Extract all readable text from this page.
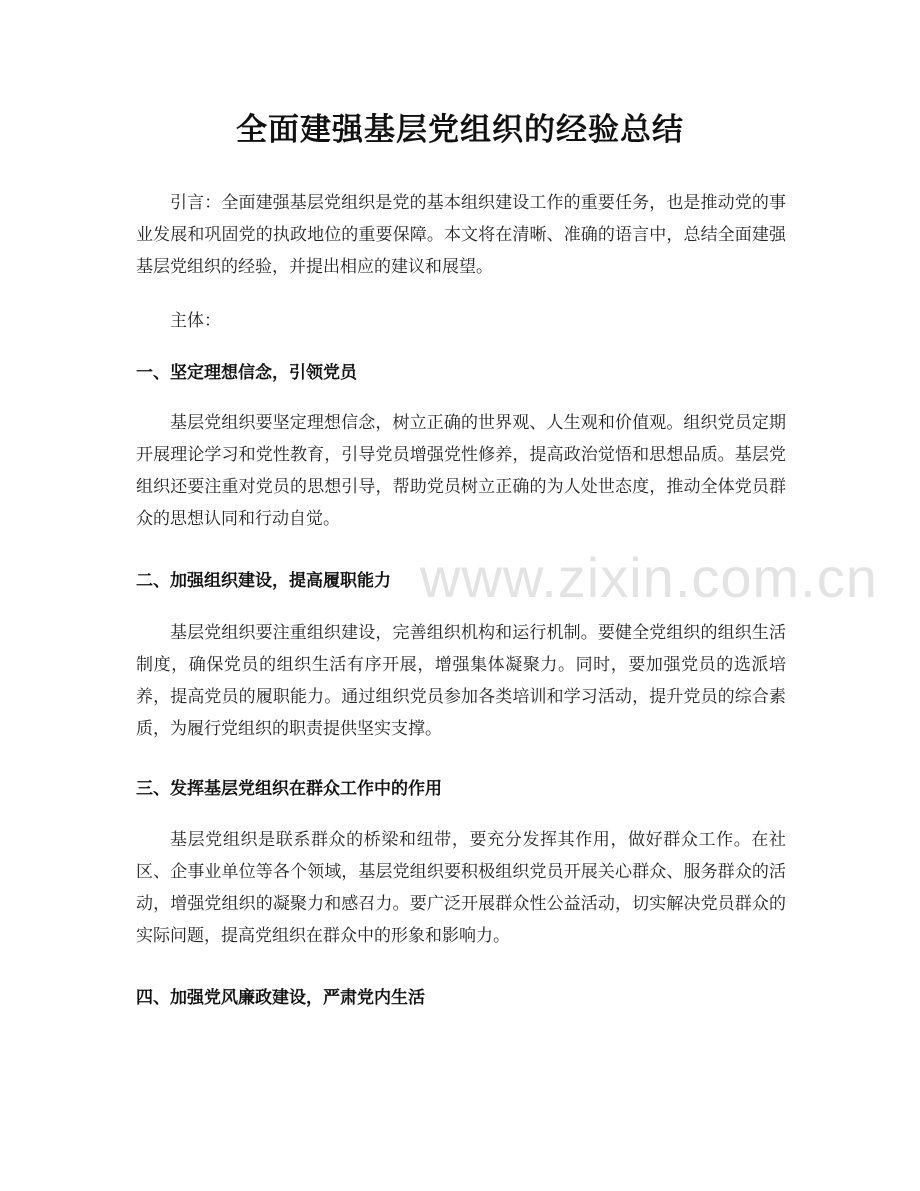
全面建强基层党组织的经验总结
引言：全面建强基层党组织是党的基本组织建设工作的重要任务，也是推动党的事业发展和巩固党的执政地位的重要保障。本文将在清晰、准确的语言中，总结全面建强基层党组织的经验，并提出相应的建议和展望。
主体：
一、坚定理想信念，引领党员
基层党组织要坚定理想信念，树立正确的世界观、人生观和价值观。组织党员定期开展理论学习和党性教育，引导党员增强党性修养，提高政治觉悟和思想品质。基层党组织还要注重对党员的思想引导，帮助党员树立正确的为人处世态度，推动全体党员群众的思想认同和行动自觉。
二、加强组织建设，提高履职能力
基层党组织要注重组织建设，完善组织机构和运行机制。要健全党组织的组织生活制度，确保党员的组织生活有序开展，增强集体凝聚力。同时，要加强党员的选派培养，提高党员的履职能力。通过组织党员参加各类培训和学习活动，提升党员的综合素质，为履行党组织的职责提供坚实支撑。
三、发挥基层党组织在群众工作中的作用
基层党组织是联系群众的桥梁和纽带，要充分发挥其作用，做好群众工作。在社区、企事业单位等各个领域，基层党组织要积极组织党员开展关心群众、服务群众的活动，增强党组织的凝聚力和感召力。要广泛开展群众性公益活动，切实解决党员群众的实际问题，提高党组织在群众中的形象和影响力。
四、加强党风廉政建设，严肃党内生活
www.zixin.com.cn
